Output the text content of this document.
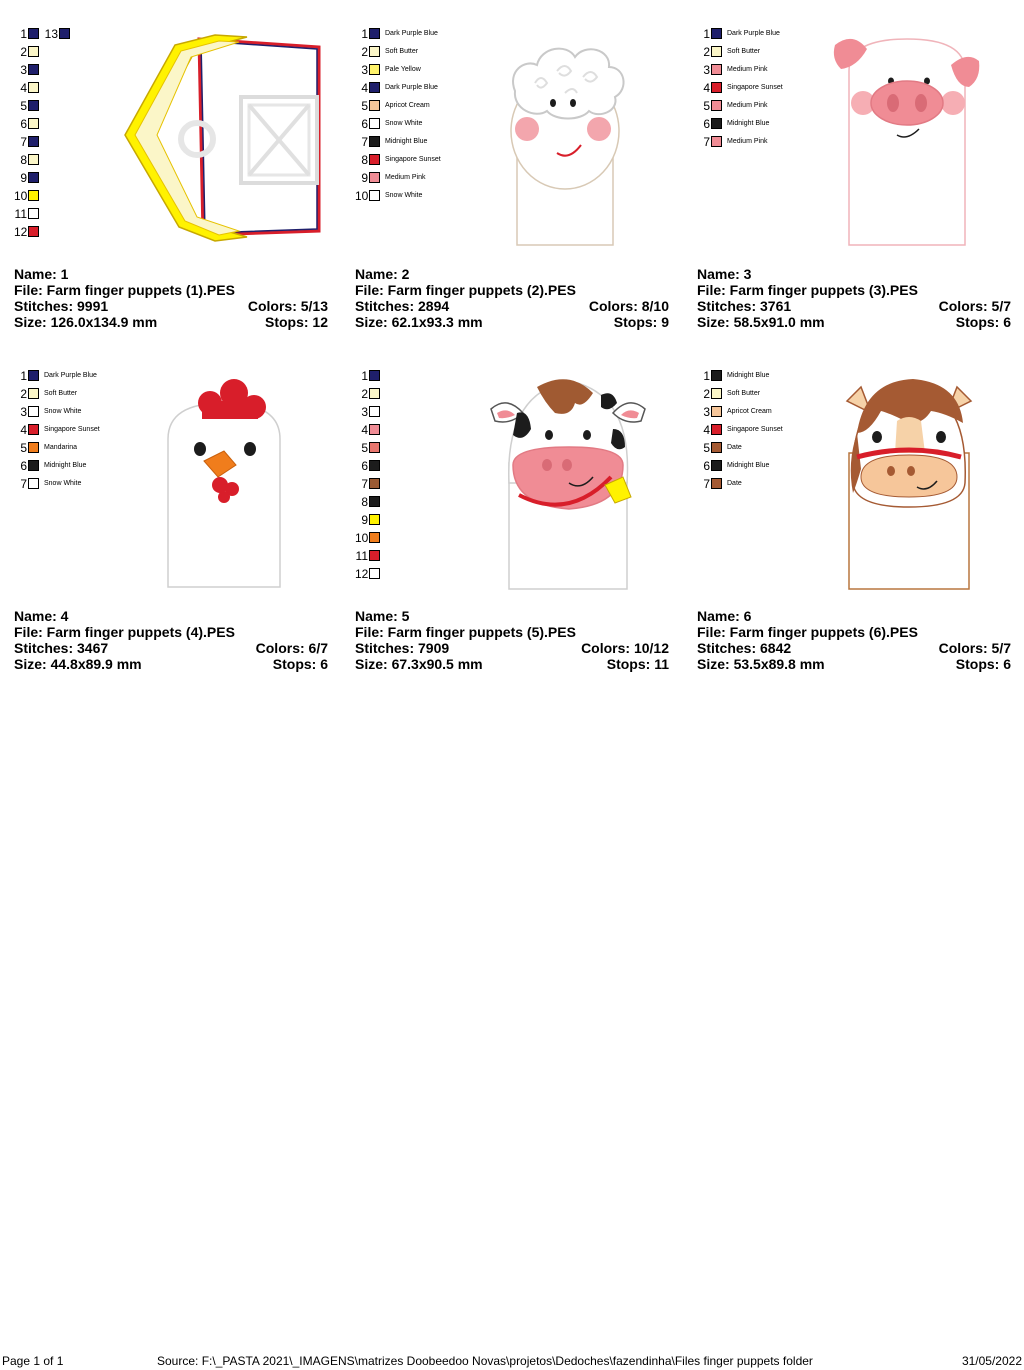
1
2
3
4
5
6
7
8
9
10
11
12
13
Name: 1
File: Farm finger puppets (1).PES
Stitches: 9991	Colors: 5/13
Size: 126.0x134.9 mm	Stops: 12
1 Dark Purple Blue
2 Soft Butter
3 Pale Yellow
4 Dark Purple Blue
5 Apricot Cream
6 Snow White
7 Midnight Blue
8 Singapore Sunset
9 Medium Pink
10 Snow White
Name: 2
File: Farm finger puppets (2).PES
Stitches: 2894	Colors: 8/10
Size: 62.1x93.3 mm	Stops: 9
1 Dark Purple Blue
2 Soft Butter
3 Medium Pink
4 Singapore Sunset
5 Medium Pink
6 Midnight Blue
7 Medium Pink
Name: 3
File: Farm finger puppets (3).PES
Stitches: 3761	Colors: 5/7
Size: 58.5x91.0 mm	Stops: 6
1 Dark Purple Blue
2 Soft Butter
3 Snow White
4 Singapore Sunset
5 Mandarina
6 Midnight Blue
7 Snow White
Name: 4
File: Farm finger puppets (4).PES
Stitches: 3467	Colors: 6/7
Size: 44.8x89.9 mm	Stops: 6
1
2
3
4
5
6
7
8
9
10
11
12
Name: 5
File: Farm finger puppets (5).PES
Stitches: 7909	Colors: 10/12
Size: 67.3x90.5 mm	Stops: 11
1 Midnight Blue
2 Soft Butter
3 Apricot Cream
4 Singapore Sunset
5 Date
6 Midnight Blue
7 Date
Name: 6
File: Farm finger puppets (6).PES
Stitches: 6842	Colors: 5/7
Size: 53.5x89.8 mm	Stops: 6
Page 1 of 1	Source: F:\_PASTA 2021\_IMAGENS\matrizes Doobeedoo Novas\projetos\Dedoches\fazendinha\Files finger puppets folder	31/05/2022
